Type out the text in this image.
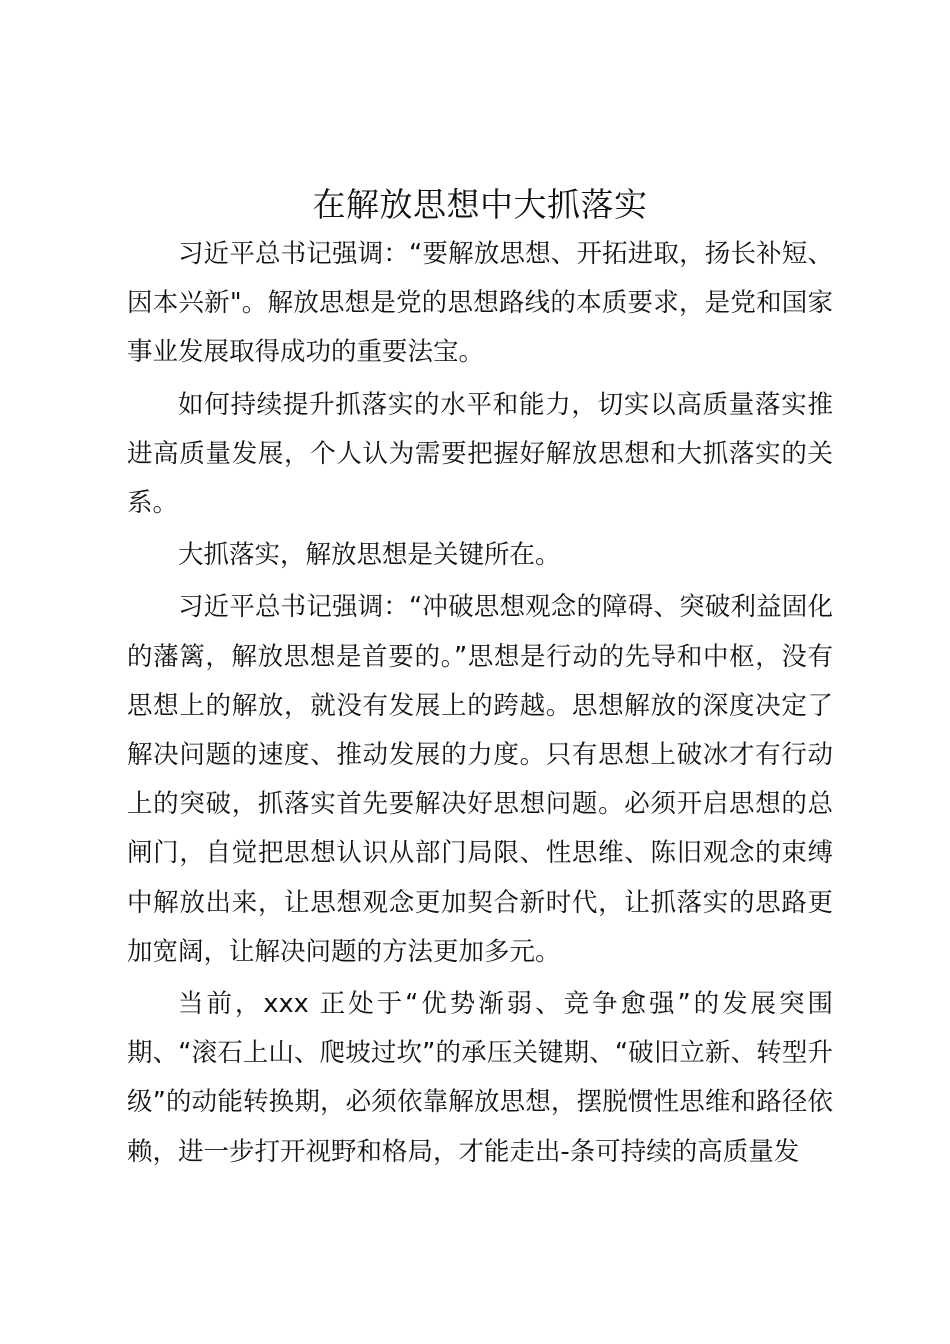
在解放思想中大抓落实

习近平总书记强调：“要解放思想、开拓进取，扬长补短、因本兴新"。解放思想是党的思想路线的本质要求，是党和国家事业发展取得成功的重要法宝。

如何持续提升抓落实的水平和能力，切实以高质量落实推进高质量发展，个人认为需要把握好解放思想和大抓落实的关系。

大抓落实，解放思想是关键所在。

习近平总书记强调：“冲破思想观念的障碍、突破利益固化的藩篱，解放思想是首要的。”思想是行动的先导和中枢，没有思想上的解放，就没有发展上的跨越。思想解放的深度决定了解决问题的速度、推动发展的力度。只有思想上破冰才有行动上的突破，抓落实首先要解决好思想问题。必须开启思想的总闸门，自觉把思想认识从部门局限、性思维、陈旧观念的束缚中解放出来，让思想观念更加契合新时代，让抓落实的思路更加宽阔，让解决问题的方法更加多元。

当前，xxx 正处于“优势渐弱、竞争愈强”的发展突围期、“滚石上山、爬坡过坎”的承压关键期、“破旧立新、转型升级”的动能转换期，必须依靠解放思想，摆脱惯性思维和路径依赖，进一步打开视野和格局，才能走出-条可持续的高质量发
